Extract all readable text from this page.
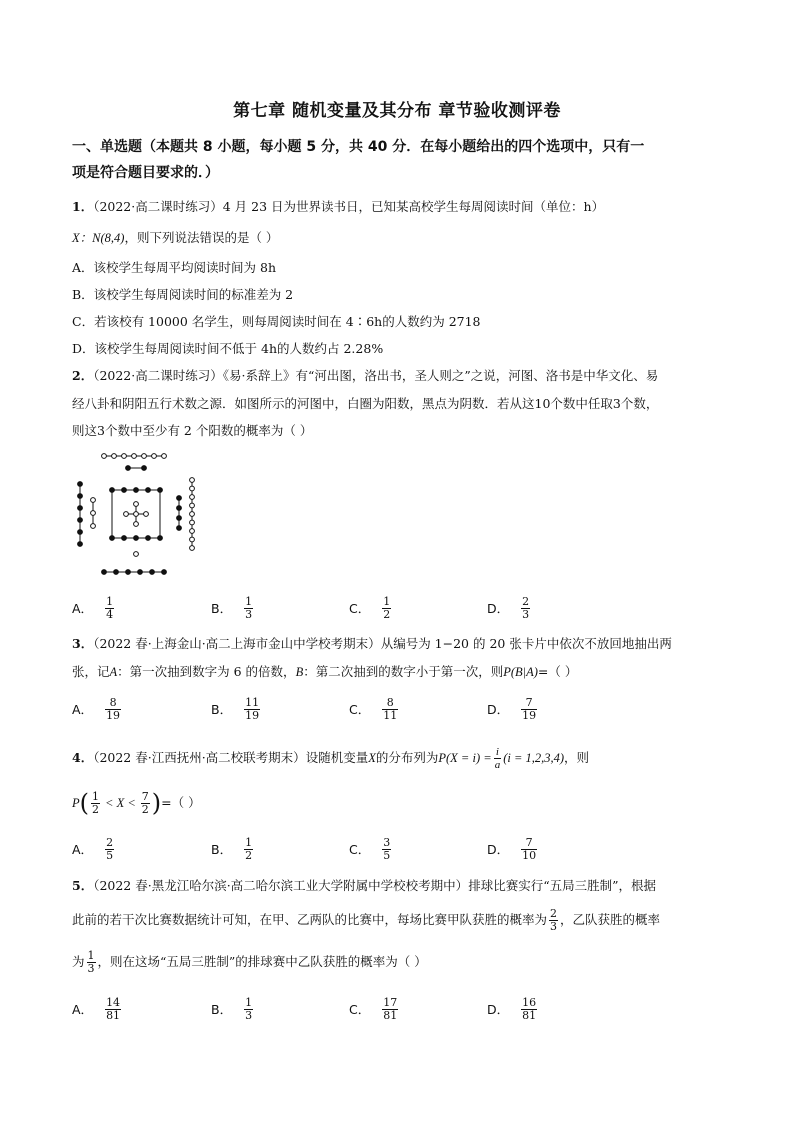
第七章 随机变量及其分布 章节验收测评卷
一、单选题（本题共 8 小题，每小题 5 分，共 40 分．在每小题给出的四个选项中，只有一
项是符合题目要求的．）
1．（2022·高二课时练习）4 月 23 日为世界读书日，已知某高校学生每周阅读时间（单位：h）
X：N(8,4)，则下列说法错误的是（ ）
A．该校学生每周平均阅读时间为 8h
B．该校学生每周阅读时间的标准差为 2
C．若该校有 10000 名学生，则每周阅读时间在 4∶6h的人数约为 2718
D．该校学生每周阅读时间不低于 4h的人数约占 2.28%
2．（2022·高二课时练习）《易·系辞上》有“河出图，洛出书，圣人则之”之说，河图、洛书是中华文化、易
经八卦和阴阳五行术数之源．如图所示的河图中，白圈为阳数，黑点为阴数．若从这10个数中任取3个数，
则这3个数中至少有 2 个阳数的概率为（ ）
A． $\frac{1}{4}$	B． $\frac{1}{3}$	C． $\frac{1}{2}$	D． $\frac{2}{3}$
3．（2022 春·上海金山·高二上海市金山中学校考期末）从编号为 1−20 的 20 张卡片中依次不放回地抽出两
张，记A：第一次抽到数字为 6 的倍数，B：第二次抽到的数字小于第一次，则P(B|A)=（ ）
A． $\frac{8}{19}$	B． $\frac{11}{19}$	C． $\frac{8}{11}$	D． $\frac{7}{19}$
4．（2022 春·江西抚州·高二校联考期末）设随机变量X的分布列为$P(X = i) = \frac{i}{a} (i = 1,2,3,4)$，则
P ( $\frac{1}{2} < X < \frac{7}{2}$ ) =（ ）
A． $\frac{2}{5}$	B． $\frac{1}{2}$	C． $\frac{3}{5}$	D． $\frac{7}{10}$
5．（2022 春·黑龙江哈尔滨·高二哈尔滨工业大学附属中学校校考期中）排球比赛实行“五局三胜制”，根据
此前的若干次比赛数据统计可知，在甲、乙两队的比赛中，每场比赛甲队获胜的概率为 $\frac{2}{3}$ ，乙队获胜的概率
为 $\frac{1}{3}$ ，则在这场“五局三胜制”的排球赛中乙队获胜的概率为（ ）
A． $\frac{14}{81}$	B． $\frac{1}{3}$	C． $\frac{17}{81}$	D． $\frac{16}{81}$
